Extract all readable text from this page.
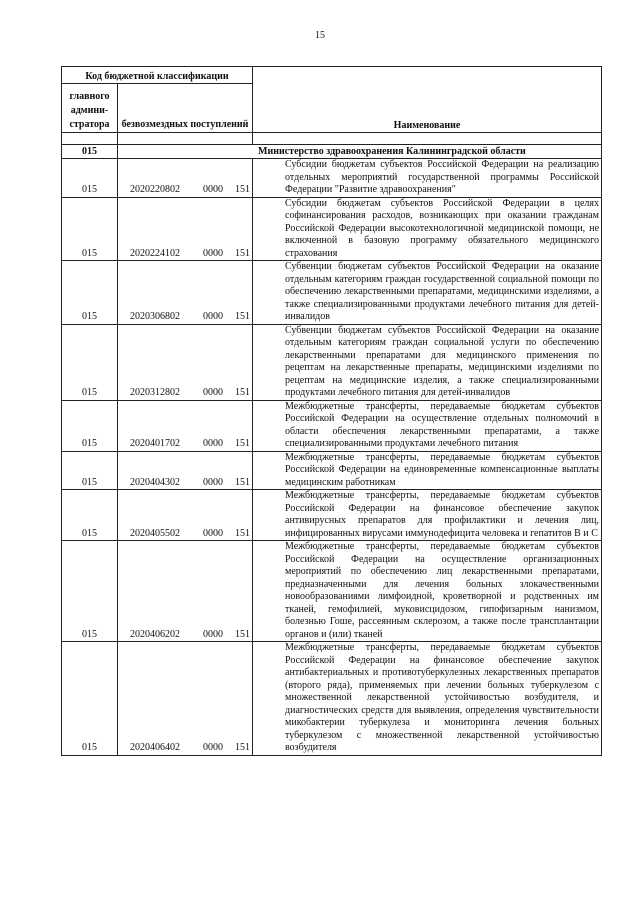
15
Код бюджетной классификации		Наименование
главного админи-стратора	безвозмездных поступлений	

015	Министерство здравоохранения Калининградской области	
015	2020220802 0000 151	Субсидии бюджетам субъектов Российской Федерации на реализацию отдельных мероприятий государственной программы Российской Федерации "Развитие здравоохранения"

015	2020224102 0000 151	Субсидии бюджетам субъектов Российской Федерации в целях софинансирования расходов, возникающих при оказании гражданам Российской Федерации высокотехнологичной медицинской помощи, не включенной в базовую программу обязательного медицинского страхования

015	2020306802 0000 151	Субвенции бюджетам субъектов Российской Федерации на оказание отдельным категориям граждан государственной социальной помощи по обеспечению лекарственными препаратами, медицинскими изделиями, а также специализированными продуктами лечебного питания для детей-инвалидов

015	2020312802 0000 151	Субвенции бюджетам субъектов Российской Федерации на оказание отдельным категориям граждан социальной услуги по обеспечению лекарственными препаратами для медицинского применения по рецептам на лекарственные препараты, медицинскими изделиями по рецептам на медицинские изделия, а также специализированными продуктами лечебного питания для детей-инвалидов

015	2020401702 0000 151	Межбюджетные трансферты, передаваемые бюджетам субъектов Российской Федерации на осуществление отдельных полномочий в области обеспечения лекарственными препаратами, а также специализированными продуктами лечебного питания

015	2020404302 0000 151	Межбюджетные трансферты, передаваемые бюджетам субъектов Российской Федерации на единовременные компенсационные выплаты медицинским работникам

015	2020405502 0000 151	Межбюджетные трансферты, передаваемые бюджетам субъектов Российской Федерации на финансовое обеспечение закупок антивирусных препаратов для профилактики и лечения лиц, инфицированных вирусами иммунодефицита человека и гепатитов В и С

015	2020406202 0000 151	Межбюджетные трансферты, передаваемые бюджетам субъектов Российской Федерации на осуществление организационных мероприятий по обеспечению лиц лекарственными препаратами, предназначенными для лечения больных злокачественными новообразованиями лимфоидной, кроветворной и родственных им тканей, гемофилией, муковисцидозом, гипофизарным нанизмом, болезнью Гоше, рассеянным склерозом, а также после трансплантации органов и (или) тканей

015	2020406402 0000 151	Межбюджетные трансферты, передаваемые бюджетам субъектов Российской Федерации на финансовое обеспечение закупок антибактериальных и противотуберкулезных лекарственных препаратов (второго ряда), применяемых при лечении больных туберкулезом с множественной лекарственной устойчивостью возбудителя, и диагностических средств для выявления, определения чувствительности микобактерии туберкулеза и мониторинга лечения больных туберкулезом с множественной лекарственной устойчивостью возбудителя
